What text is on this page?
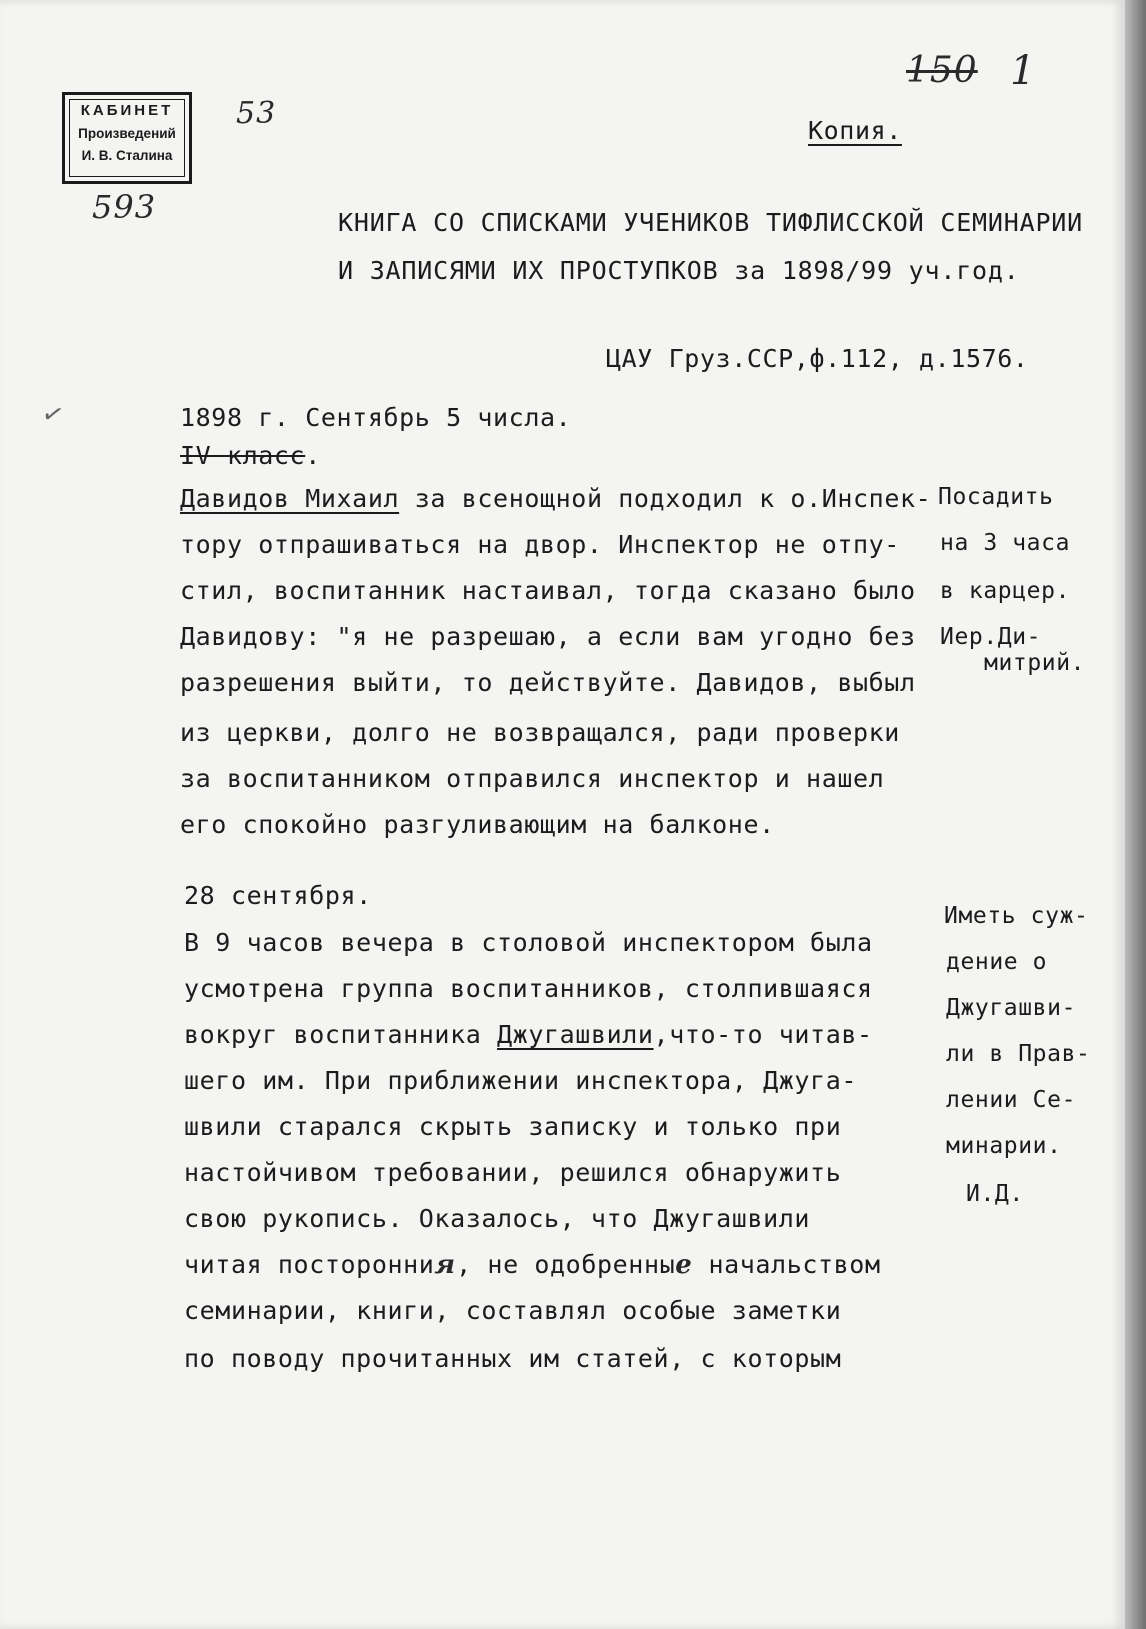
КАБИНЕТ
Произведений
И. В. Сталина
53
593
150 1
✓
Копия.
КНИГА СО СПИСКАМИ УЧЕНИКОВ ТИФЛИССКОЙ СЕМИНАРИИ
И ЗАПИСЯМИ ИХ ПРОСТУПКОВ за 1898/99 уч.год.
ЦАУ Груз.ССР,ф.112, д.1576.
1898 г. Сентябрь 5 числа.
IV класс.
Давидов Михаил за всенощной подходил к о.Инспек-
тору отпрашиваться на двор. Инспектор не отпу-
стил, воспитанник настаивал, тогда сказано было
Давидову: "я не разрешаю, а если вам угодно без
разрешения выйти, то действуйте. Давидов, выбыл
из церкви, долго не возвращался, ради проверки
за воспитанником отправился инспектор и нашел
его спокойно разгуливающим на балконе.
Посадить
на 3 часа
в карцер.
Иер.Ди-
митрий.
28 сентября.
В 9 часов вечера в столовой инспектором была
усмотрена группа воспитанников, столпившаяся
вокруг воспитанника Джугашвили,что-то читав-
шего им. При приближении инспектора, Джуга-
швили старался скрыть записку и только при
настойчивом требовании, решился обнаружить
свою рукопись. Оказалось, что Джугашвили
читая посторонния, не одобренные начальством
семинарии, книги, составлял особые заметки
по поводу прочитанных им статей, с которым
Иметь суж-
дение о
Джугашви-
ли в Прав-
лении Се-
минарии.
И.Д.
